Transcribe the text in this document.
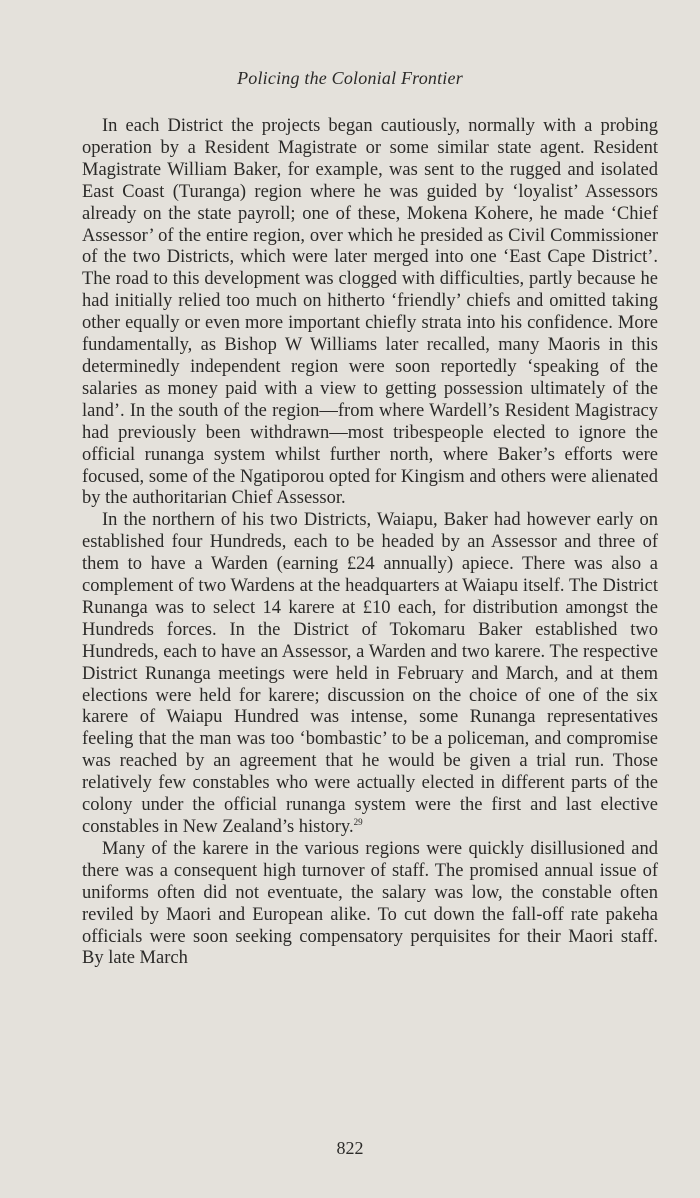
Policing the Colonial Frontier

In each District the projects began cautiously, normally with a probing operation by a Resident Magistrate or some similar state agent. Resident Magistrate William Baker, for example, was sent to the rugged and isolated East Coast (Turanga) region where he was guided by ‘loyalist’ Assessors already on the state payroll; one of these, Mokena Kohere, he made ‘Chief Assessor’ of the entire region, over which he presided as Civil Commissioner of the two Districts, which were later merged into one ‘East Cape District’. The road to this development was clogged with difficulties, partly because he had initially relied too much on hitherto ‘friendly’ chiefs and omitted taking other equally or even more important chiefly strata into his confidence. More fundamentally, as Bishop W Williams later recalled, many Maoris in this determinedly independent region were soon reportedly ‘speaking of the salaries as money paid with a view to getting possession ultimately of the land’. In the south of the region—from where Wardell’s Resident Magistracy had previously been withdrawn—most tribespeople elected to ignore the official runanga system whilst further north, where Baker’s efforts were focused, some of the Ngatiporou opted for Kingism and others were alienated by the authoritarian Chief Assessor.

In the northern of his two Districts, Waiapu, Baker had however early on established four Hundreds, each to be headed by an Assessor and three of them to have a Warden (earning £24 annually) apiece. There was also a complement of two Wardens at the headquarters at Waiapu itself. The District Runanga was to select 14 karere at £10 each, for distribution amongst the Hundreds forces. In the District of Tokomaru Baker established two Hundreds, each to have an Assessor, a Warden and two karere. The respective District Runanga meetings were held in February and March, and at them elections were held for karere; discussion on the choice of one of the six karere of Waiapu Hundred was intense, some Runanga representatives feeling that the man was too ‘bombastic’ to be a policeman, and compromise was reached by an agreement that he would be given a trial run. Those relatively few constables who were actually elected in different parts of the colony under the official runanga system were the first and last elective constables in New Zealand’s history.$^{29}$

Many of the karere in the various regions were quickly disillusioned and there was a consequent high turnover of staff. The promised annual issue of uniforms often did not eventuate, the salary was low, the constable often reviled by Maori and European alike. To cut down the fall-off rate pakeha officials were soon seeking compensatory perquisites for their Maori staff. By late March

822
